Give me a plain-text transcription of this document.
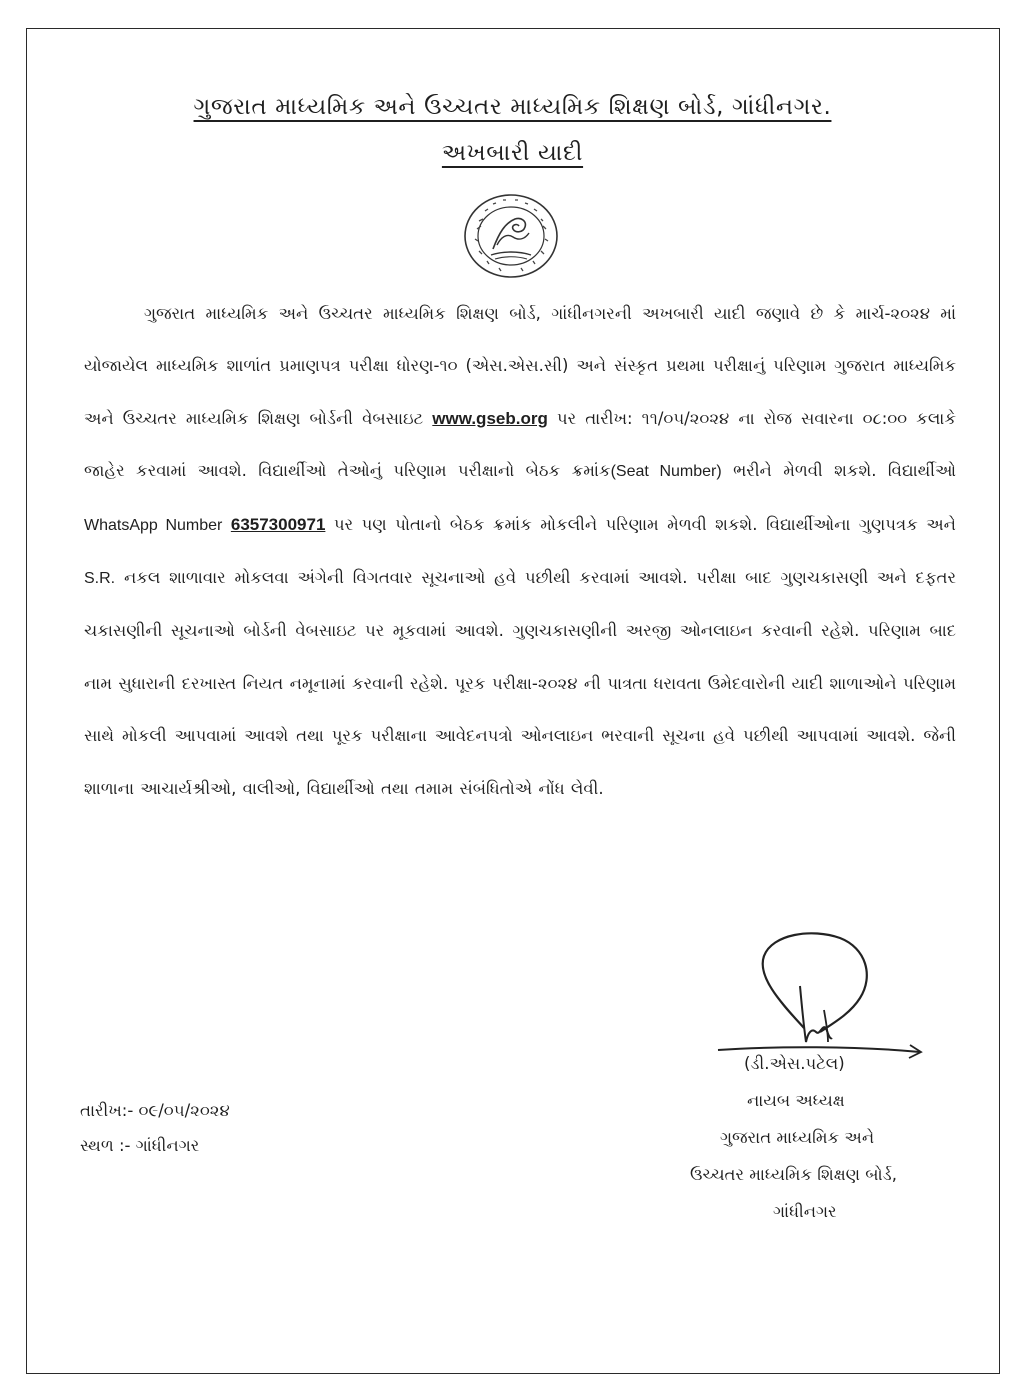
ગુજરાત માધ્યમિક અને ઉચ્ચતર માધ્યમિક શિક્ષણ બોર્ડ, ગાંધીનગર.
અખબારી યાદી

ગુજરાત માધ્યમિક અને ઉચ્ચતર માધ્યમિક શિક્ષણ બોર્ડ, ગાંધીનગરની અખબારી યાદી જણાવે છે કે માર્ચ-૨૦૨૪ માં યોજાયેલ માધ્યમિક શાળાંત પ્રમાણપત્ર પરીક્ષા ધોરણ-૧૦ (એસ.એસ.સી) અને સંસ્કૃત પ્રથમા પરીક્ષાનું પરિણામ ગુજરાત માધ્યમિક અને ઉચ્ચતર માધ્યમિક શિક્ષણ બોર્ડની વેબસાઇટ www.gseb.org પર તારીખ: ૧૧/૦૫/૨૦૨૪ ના રોજ સવારના ૦૮:૦૦ કલાકે જાહેર કરવામાં આવશે. વિદ્યાર્થીઓ તેઓનું પરિણામ પરીક્ષાનો બેઠક ક્રમાંક(Seat Number) ભરીને મેળવી શકશે. વિદ્યાર્થીઓ WhatsApp Number 6357300971 પર પણ પોતાનો બેઠક ક્રમાંક મોકલીને પરિણામ મેળવી શકશે. વિદ્યાર્થીઓના ગુણપત્રક અને S.R. નકલ શાળાવાર મોકલવા અંગેની વિગતવાર સૂચનાઓ હવે પછીથી કરવામાં આવશે. પરીક્ષા બાદ ગુણચકાસણી અને દફતર ચકાસણીની સૂચનાઓ બોર્ડની વેબસાઇટ પર મૂકવામાં આવશે. ગુણચકાસણીની અરજી ઓનલાઇન કરવાની રહેશે. પરિણામ બાદ નામ સુધારાની દરખાસ્ત નિયત નમૂનામાં કરવાની રહેશે. પૂરક પરીક્ષા-૨૦૨૪ ની પાત્રતા ધરાવતા ઉમેદવારોની યાદી શાળાઓને પરિણામ સાથે મોકલી આપવામાં આવશે તથા પૂરક પરીક્ષાના આવેદનપત્રો ઓનલાઇન ભરવાની સૂચના હવે પછીથી આપવામાં આવશે. જેની શાળાના આચાર્યશ્રીઓ, વાલીઓ, વિદ્યાર્થીઓ તથા તમામ સંબંધિતોએ નોંધ લેવી.

(ડી.એસ.પટેલ)
નાયબ અધ્યક્ષ
ગુજરાત માધ્યમિક અને
ઉચ્ચતર માધ્યમિક શિક્ષણ બોર્ડ,
ગાંધીનગર
તારીખ:- ૦૯/૦૫/૨૦૨૪
સ્થળ :- ગાંધીનગર
